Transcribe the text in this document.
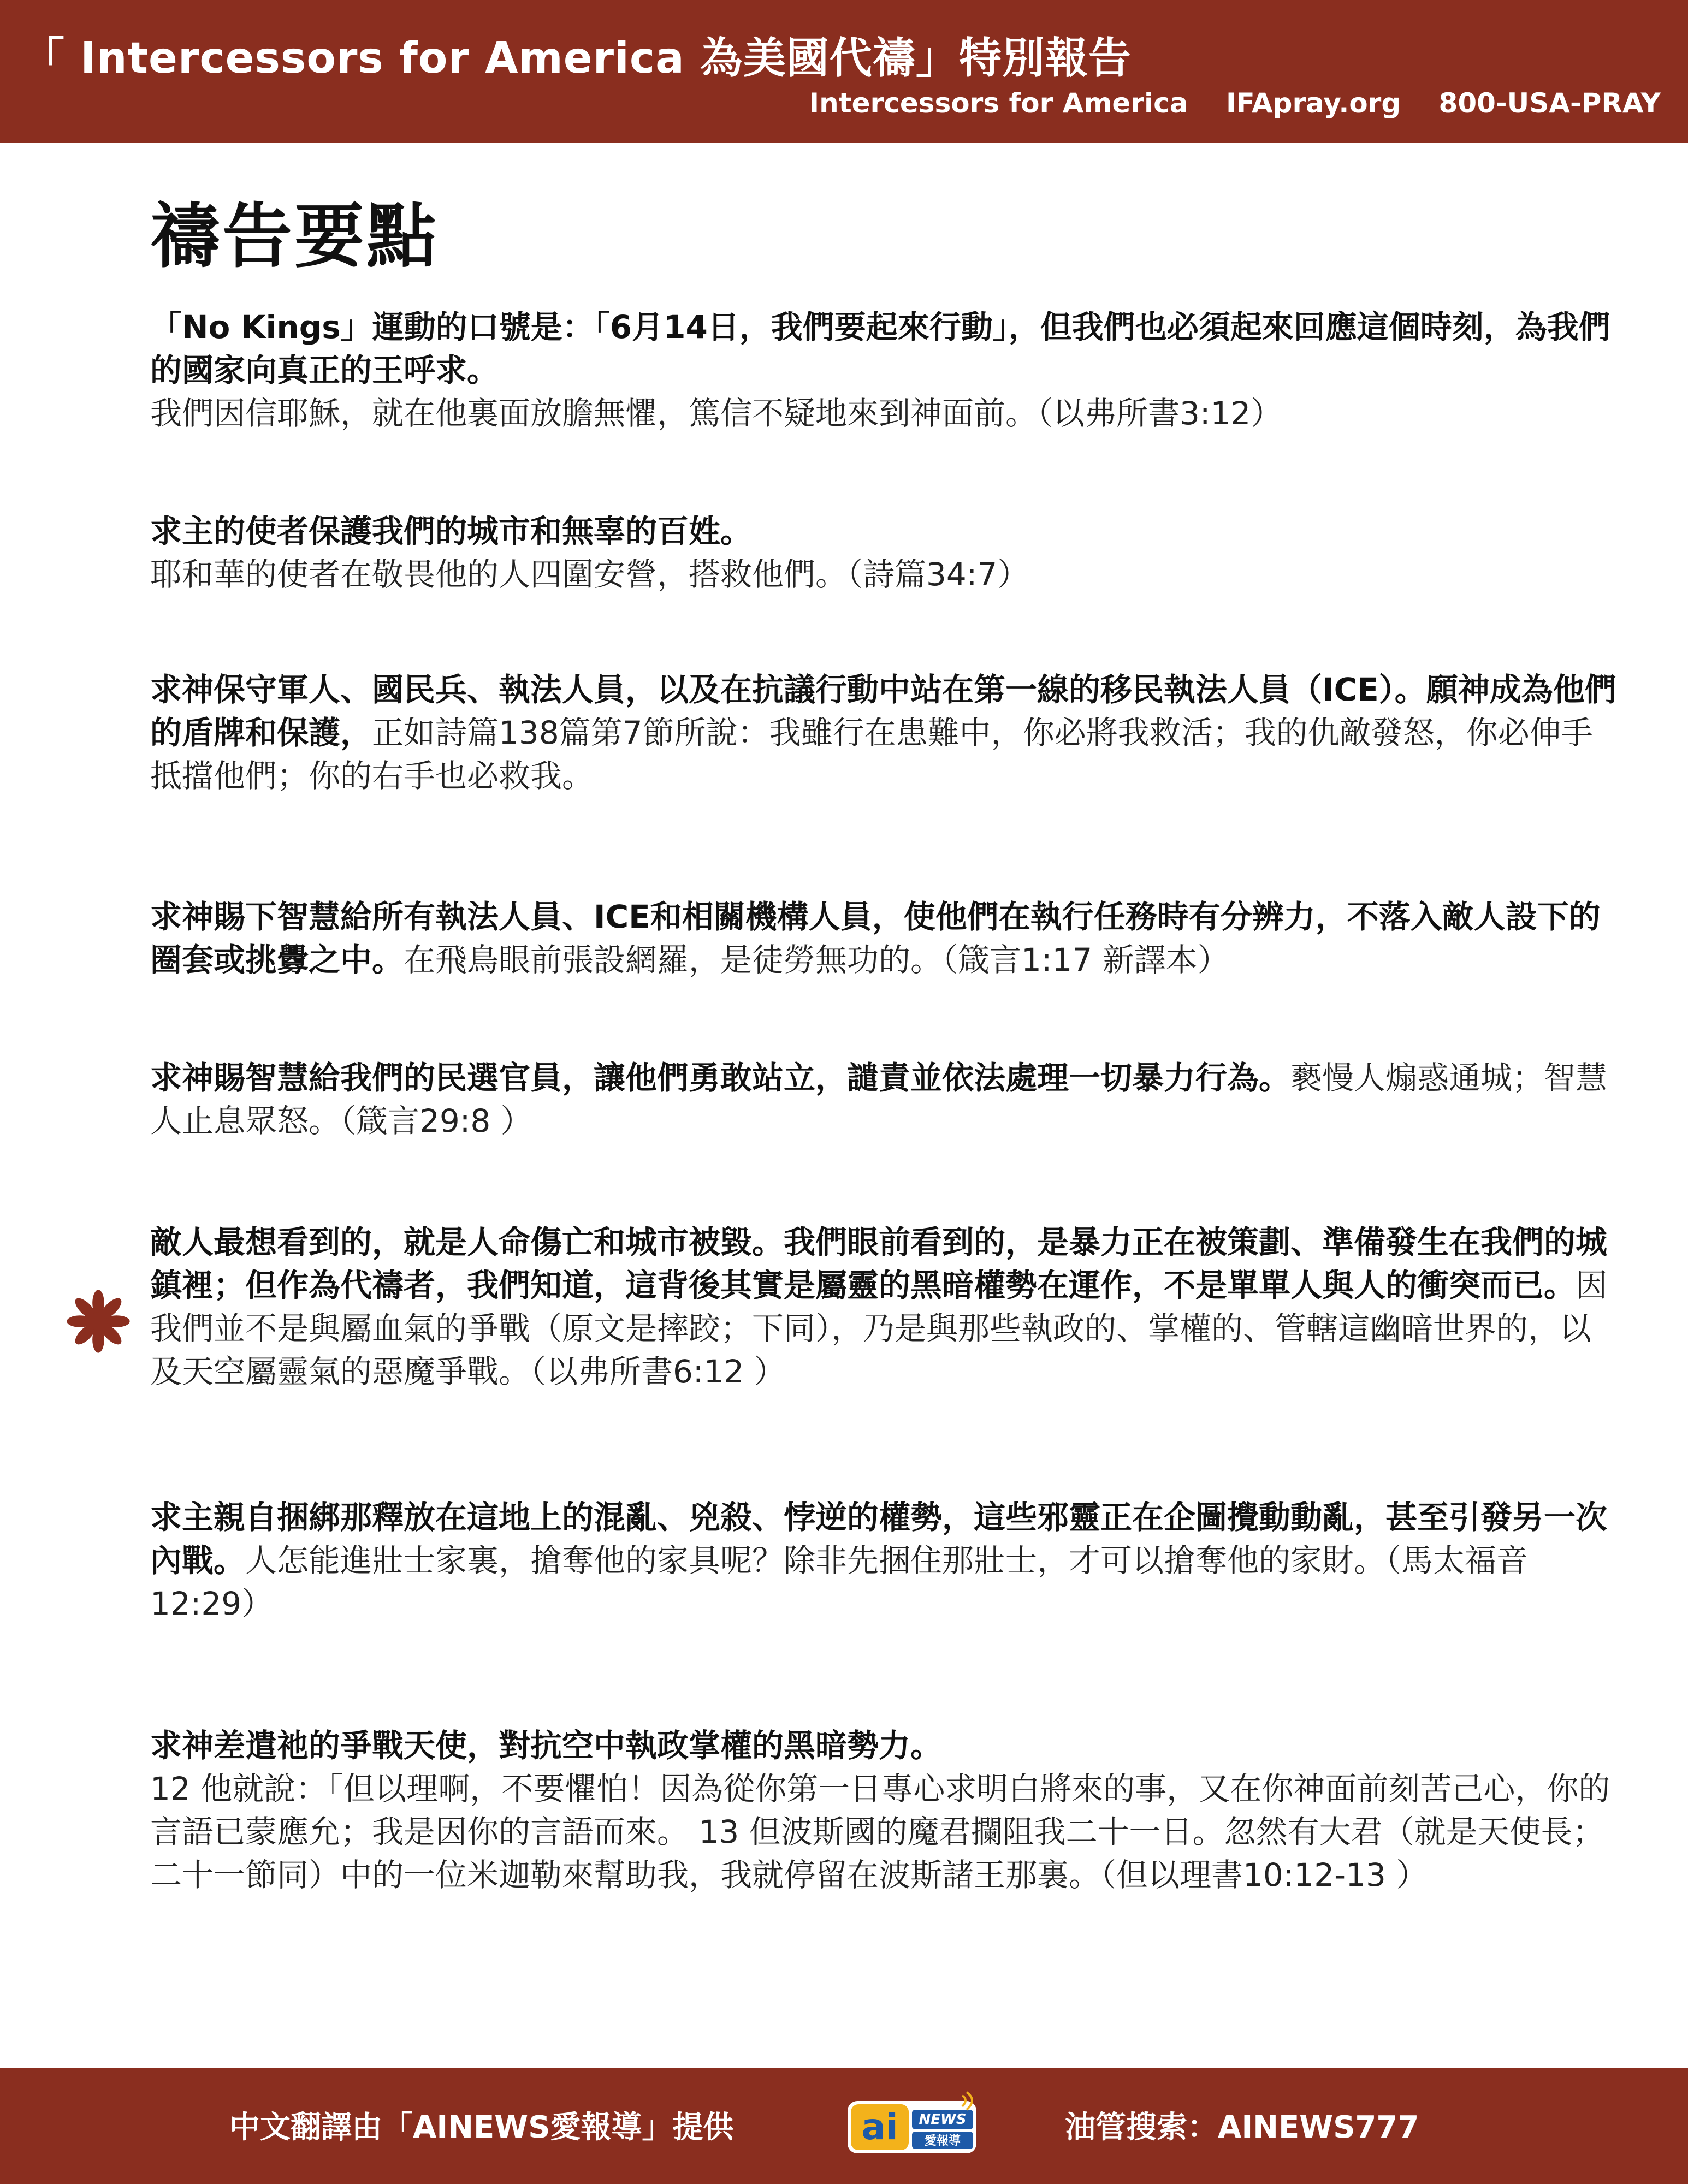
「 Intercessors for America 為美國代禱」特別報告
Intercessors for America IFApray.org 800-USA-PRAY
禱告要點
「No Kings」運動的口號是：「6月14日，我們要起來行動」，但我們也必須起來回應這個時刻，為我們的國家向真正的王呼求。
我們因信耶穌，就在他裏面放膽無懼，篤信不疑地來到神面前。（以弗所書3:12）
求主的使者保護我們的城市和無辜的百姓。耶和華的使者在敬畏他的人四圍安營，搭救他們。（詩篇34:7）
求神保守軍人、國民兵、執法人員，以及在抗議行動中站在第一線的移民執法人員（ICE）。願神成為他們的盾牌和保護，正如詩篇138篇第7節所說：我雖行在患難中，你必將我救活；我的仇敵發怒，你必伸手抵擋他們；你的右手也必救我。
求神賜下智慧給所有執法人員、ICE和相關機構人員，使他們在執行任務時有分辨力，不落入敵人設下的圈套或挑釁之中。在飛鳥眼前張設網羅，是徒勞無功的。（箴言1:17 新譯本）
求神賜智慧給我們的民選官員，讓他們勇敢站立，譴責並依法處理一切暴力行為。褻慢人煽惑通城；智慧人止息眾怒。（箴言29:8 ）
敵人最想看到的，就是人命傷亡和城市被毀。我們眼前看到的，是暴力正在被策劃、準備發生在我們的城鎮裡；但作為代禱者，我們知道，這背後其實是屬靈的黑暗權勢在運作，不是單單人與人的衝突而已。因我們並不是與屬血氣的爭戰（原文是摔跤；下同），乃是與那些執政的、掌權的、管轄這幽暗世界的，以及天空屬靈氣的惡魔爭戰。（以弗所書6:12 ）
求主親自捆綁那釋放在這地上的混亂、兇殺、悖逆的權勢，這些邪靈正在企圖攪動動亂，甚至引發另一次內戰。人怎能進壯士家裏，搶奪他的家具呢？除非先捆住那壯士，才可以搶奪他的家財。（馬太福音12:29）
求神差遣祂的爭戰天使，對抗空中執政掌權的黑暗勢力。
12 他就說：「但以理啊，不要懼怕！因為從你第一日專心求明白將來的事，又在你神面前刻苦己心，你的言語已蒙應允；我是因你的言語而來。 13 但波斯國的魔君攔阻我二十一日。忽然有大君（就是天使長；二十一節同）中的一位米迦勒來幫助我，我就停留在波斯諸王那裏。（但以理書10:12-13 ）
中文翻譯由「AINEWS愛報導」提供	ai NEWS
愛報導	油管搜索：AINEWS777
